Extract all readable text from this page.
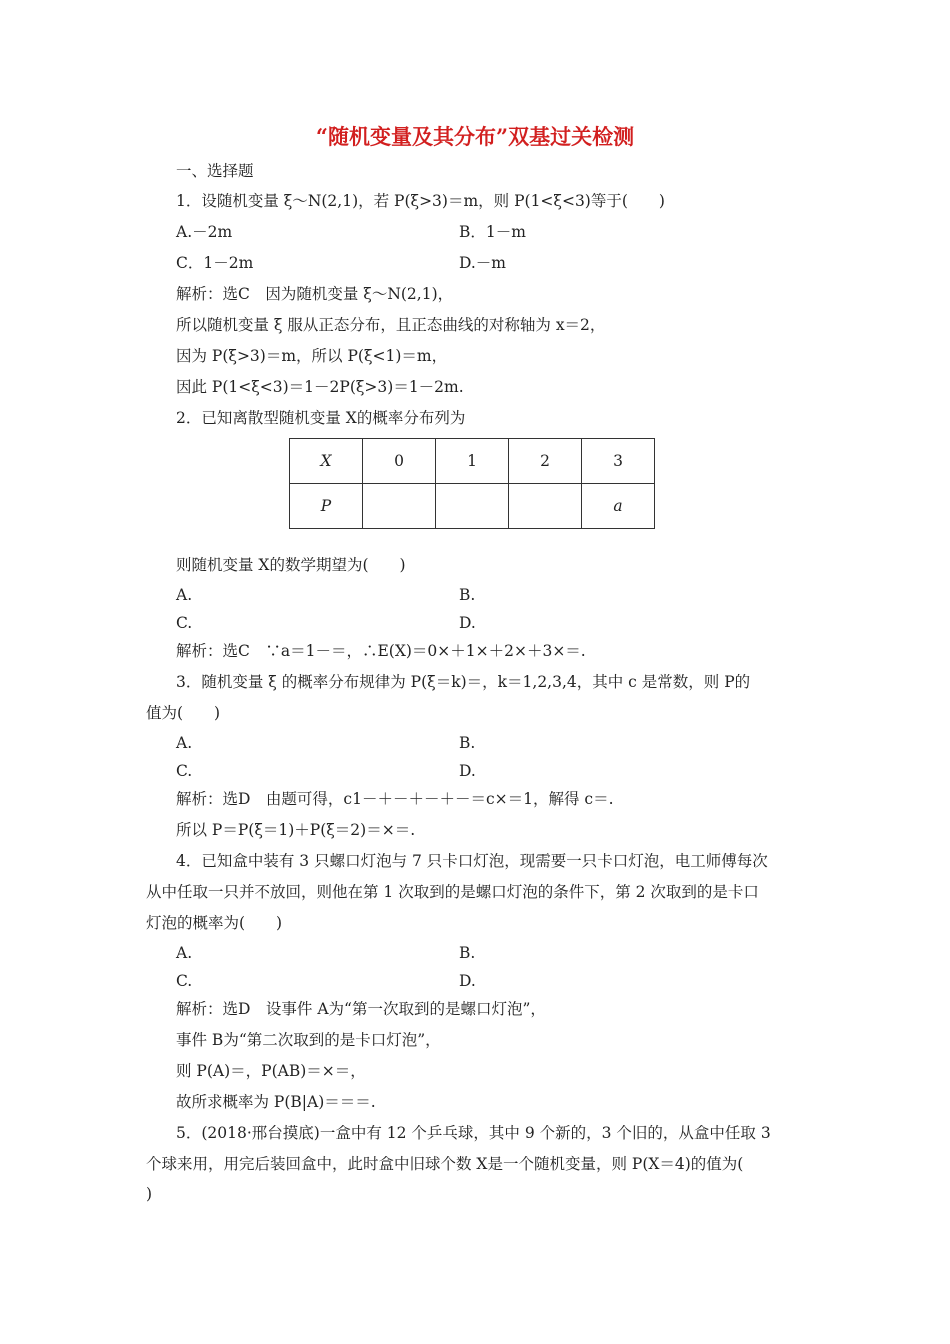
“随机变量及其分布”双基过关检测
一、选择题
1．设随机变量 ξ～N(2,1)，若 P(ξ>3)＝m，则 P(1<ξ<3)等于(　　)
A.－2m	B．1－m
C．1－2m	D.－m
解析：选C　因为随机变量 ξ～N(2,1)，
所以随机变量 ξ 服从正态分布，且正态曲线的对称轴为 x＝2，
因为 P(ξ>3)＝m，所以 P(ξ<1)＝m，
因此 P(1<ξ<3)＝1－2P(ξ>3)＝1－2m.
2．已知离散型随机变量 X的概率分布列为
X	0	1	2	3
P				a
则随机变量 X的数学期望为(　　)
A.	B.
C.	D.
解析：选C　∵a＝1－＝，∴E(X)＝0×＋1×＋2×＋3×＝.
3．随机变量 ξ 的概率分布规律为 P(ξ＝k)＝，k＝1,2,3,4，其中 c 是常数，则 P的
值为(　　)
A.	B.
C.	D.
解析：选D　由题可得，c1－＋－＋－＋－＝c×＝1，解得 c＝.
所以 P＝P(ξ＝1)＋P(ξ＝2)＝×＝.
4．已知盒中装有 3 只螺口灯泡与 7 只卡口灯泡，现需要一只卡口灯泡，电工师傅每次
从中任取一只并不放回，则他在第 1 次取到的是螺口灯泡的条件下，第 2 次取到的是卡口
灯泡的概率为(　　)
A.	B.
C.	D.
解析：选D　设事件 A为“第一次取到的是螺口灯泡”，
事件 B为“第二次取到的是卡口灯泡”，
则 P(A)＝，P(AB)＝×＝，
故所求概率为 P(B|A)＝＝＝.
5．(2018·邢台摸底)一盒中有 12 个乒乓球，其中 9 个新的，3 个旧的，从盒中任取 3
个球来用，用完后装回盒中，此时盒中旧球个数 X是一个随机变量，则 P(X＝4)的值为(
)
